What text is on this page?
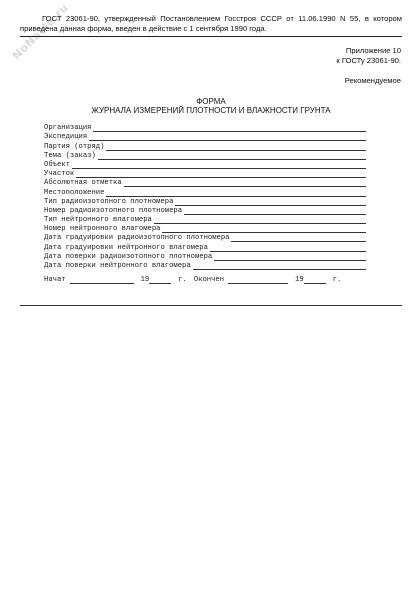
NoNaMe.ru
ГОСТ 23061-90, утвержденный Постановлением Госстроя СССР от 11.06.1990 N 55, в котором приведена данная форма, введен в действие с 1 сентября 1990 года.
Приложение 10
к ГОСТу 23061-90.
Рекомендуемое
ФОРМА
ЖУРНАЛА ИЗМЕРЕНИЙ ПЛОТНОСТИ И ВЛАЖНОСТИ ГРУНТА
Организация
Экспедиция
Партия (отряд)
Тема (заказ)
Объект
Участок
Абсолютная отметка
Местоположение
Тип радиоизотопного плотномера
Номер радиоизотопного плотномера
Тип нейтронного влагомера
Номер нейтронного влагомера
Дата градуировки радиоизотопного плотномера
Дата градуировки нейтронного влагомера
Дата поверки радиоизотопного плотномера
Дата поверки нейтронного влагомера
Начат	19	г. Окончен	19	г.
